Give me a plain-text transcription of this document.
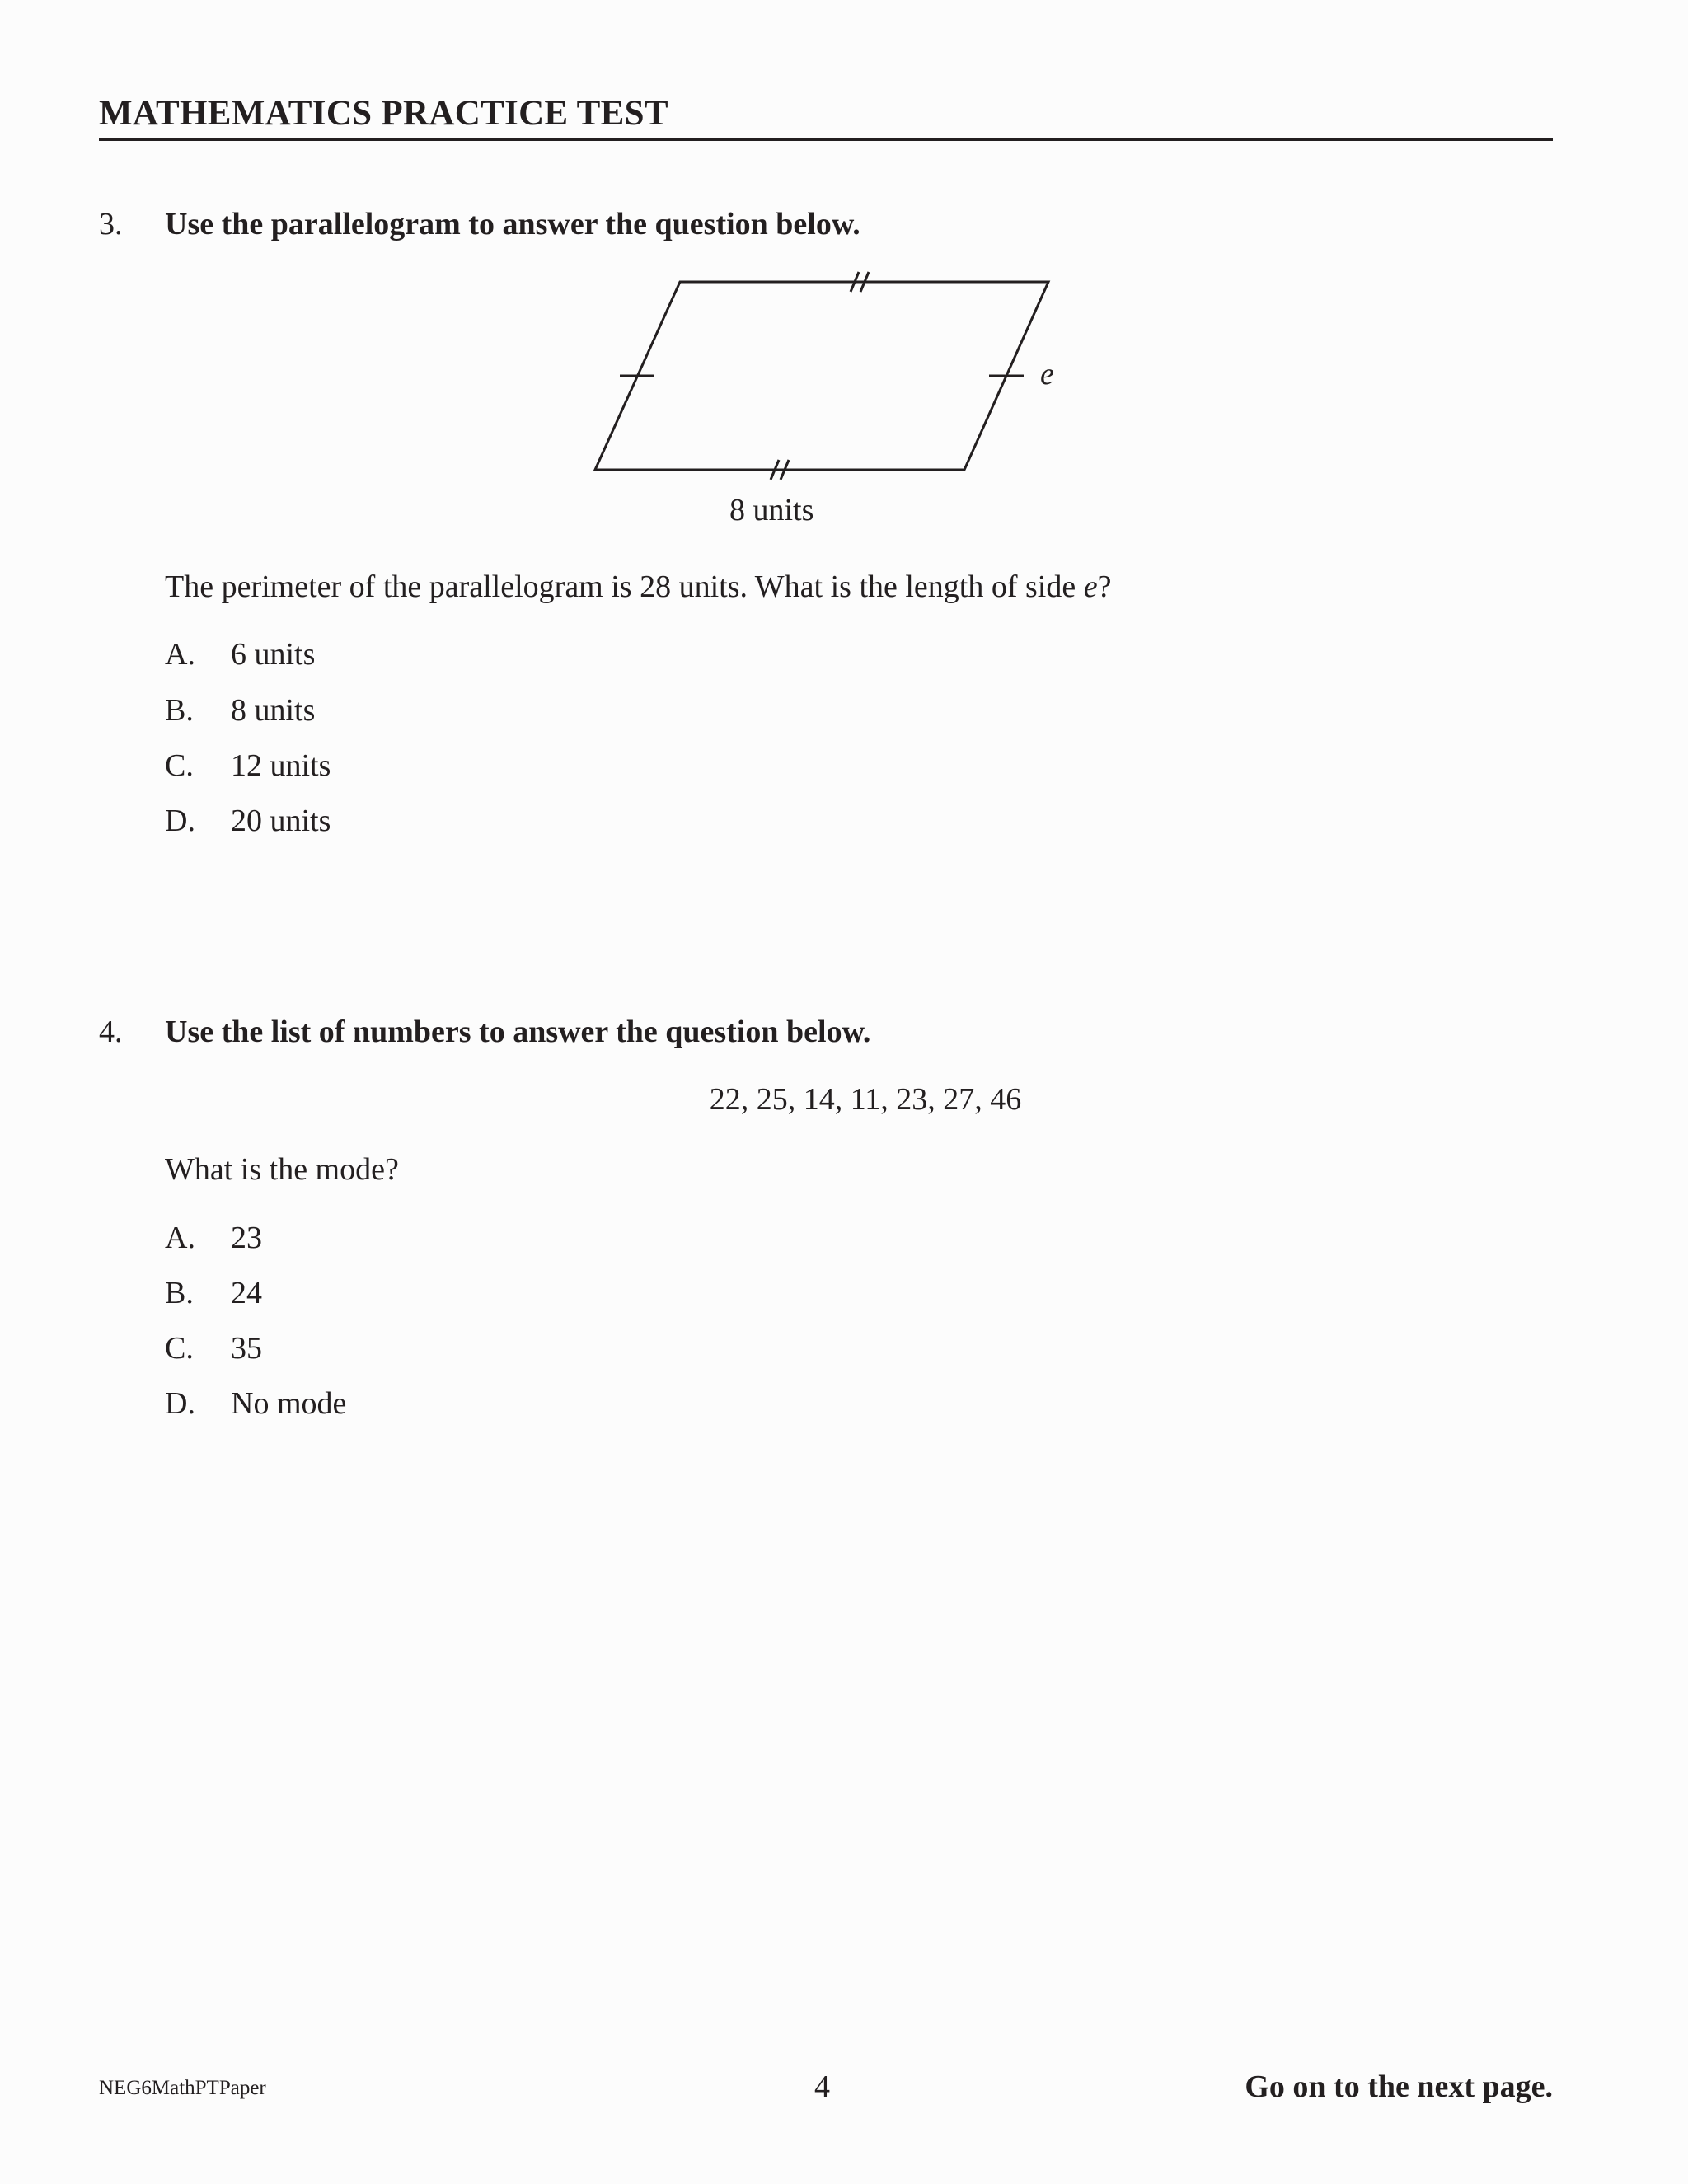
MATHEMATICS PRACTICE TEST
3. Use the parallelogram to answer the question below.
e
8 units
The perimeter of the parallelogram is 28 units. What is the length of side e?
A. 6 units
B. 8 units
C. 12 units
D. 20 units
4. Use the list of numbers to answer the question below.
22, 25, 14, 11, 23, 27, 46
What is the mode?
A. 23
B. 24
C. 35
D. No mode
NEG6MathPTPaper	4	Go on to the next page.
